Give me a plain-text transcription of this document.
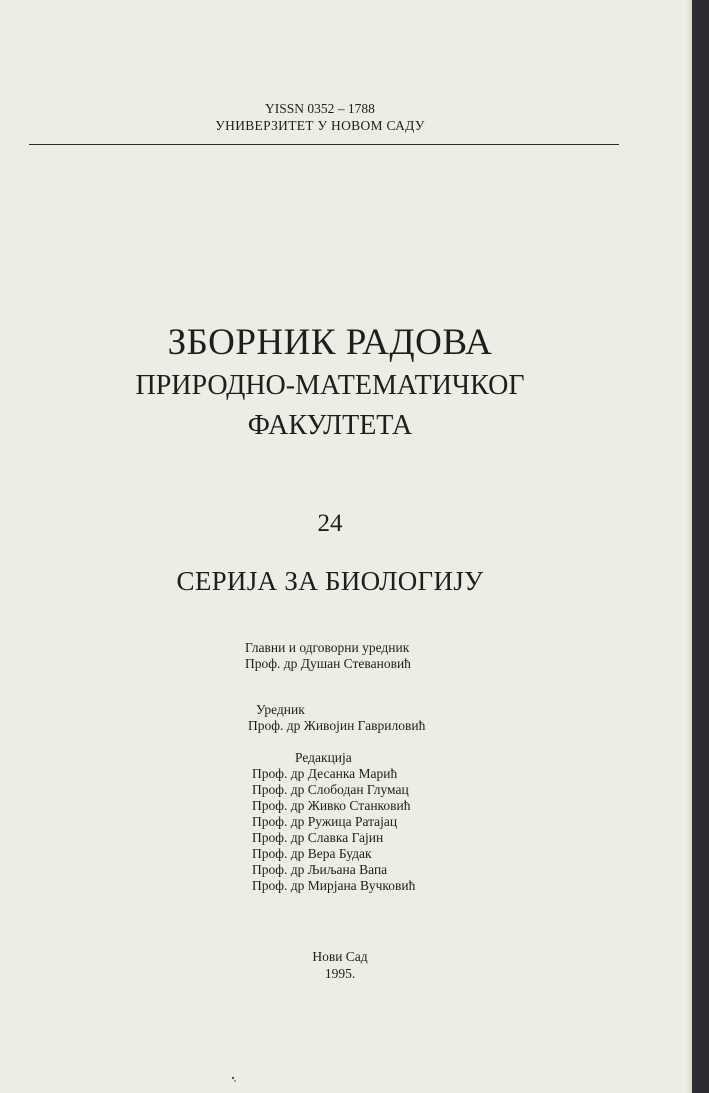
YISSN 0352 – 1788
УНИВЕРЗИТЕТ У НОВОМ САДУ
ЗБОРНИК РАДОВА
ПРИРОДНО-МАТЕМАТИЧКОГ
ФАКУЛТЕТА
24
СЕРИЈА ЗА БИОЛОГИЈУ
Главни и одговорни уредник
Проф. др Душан Стевановић
Уредник
Проф. др Живојин Гавриловић
Редакција
Проф. др Десанка Марић
Проф. др Слободан Глумац
Проф. др Живко Станковић
Проф. др Ружица Ратајац
Проф. др Славка Гајин
Проф. др Вера Будак
Проф. др Љиљана Вапа
Проф. др Мирјана Вучковић
Нови Сад
1995.
